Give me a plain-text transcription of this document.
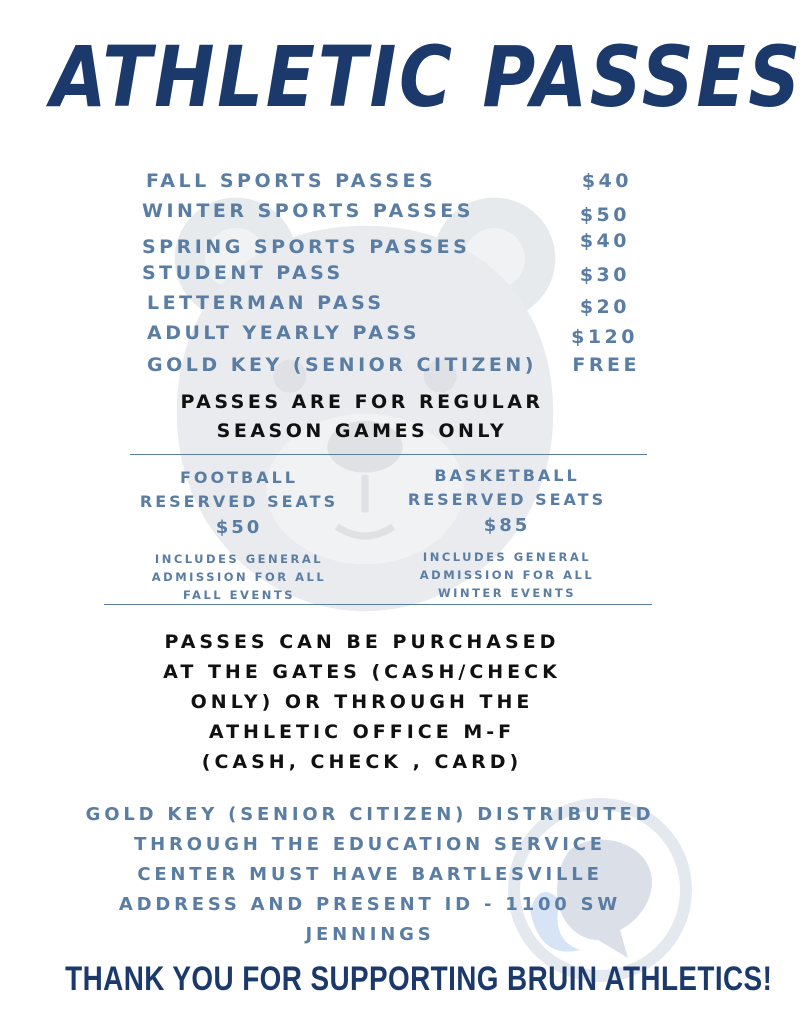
ATHLETIC PASSES
FALL SPORTS PASSES	$40
WINTER SPORTS PASSES	$50
SPRING SPORTS PASSES	$40
STUDENT PASS	$30
LETTERMAN PASS	$20
ADULT YEARLY PASS	$120
GOLD KEY (SENIOR CITIZEN) FREE
PASSES ARE FOR REGULAR
SEASON GAMES ONLY
FOOTBALL
RESERVED SEATS
$50
INCLUDES GENERAL
ADMISSION FOR ALL
FALL EVENTS
BASKETBALL
RESERVED SEATS
$85
INCLUDES GENERAL
ADMISSION FOR ALL
WINTER EVENTS
PASSES CAN BE PURCHASED
AT THE GATES (CASH/CHECK
ONLY) OR THROUGH THE
ATHLETIC OFFICE M-F
(CASH, CHECK , CARD)
GOLD KEY (SENIOR CITIZEN) DISTRIBUTED
THROUGH THE EDUCATION SERVICE
CENTER MUST HAVE BARTLESVILLE
ADDRESS AND PRESENT ID - 1100 SW
JENNINGS
THANK YOU FOR SUPPORTING BRUIN ATHLETICS!
